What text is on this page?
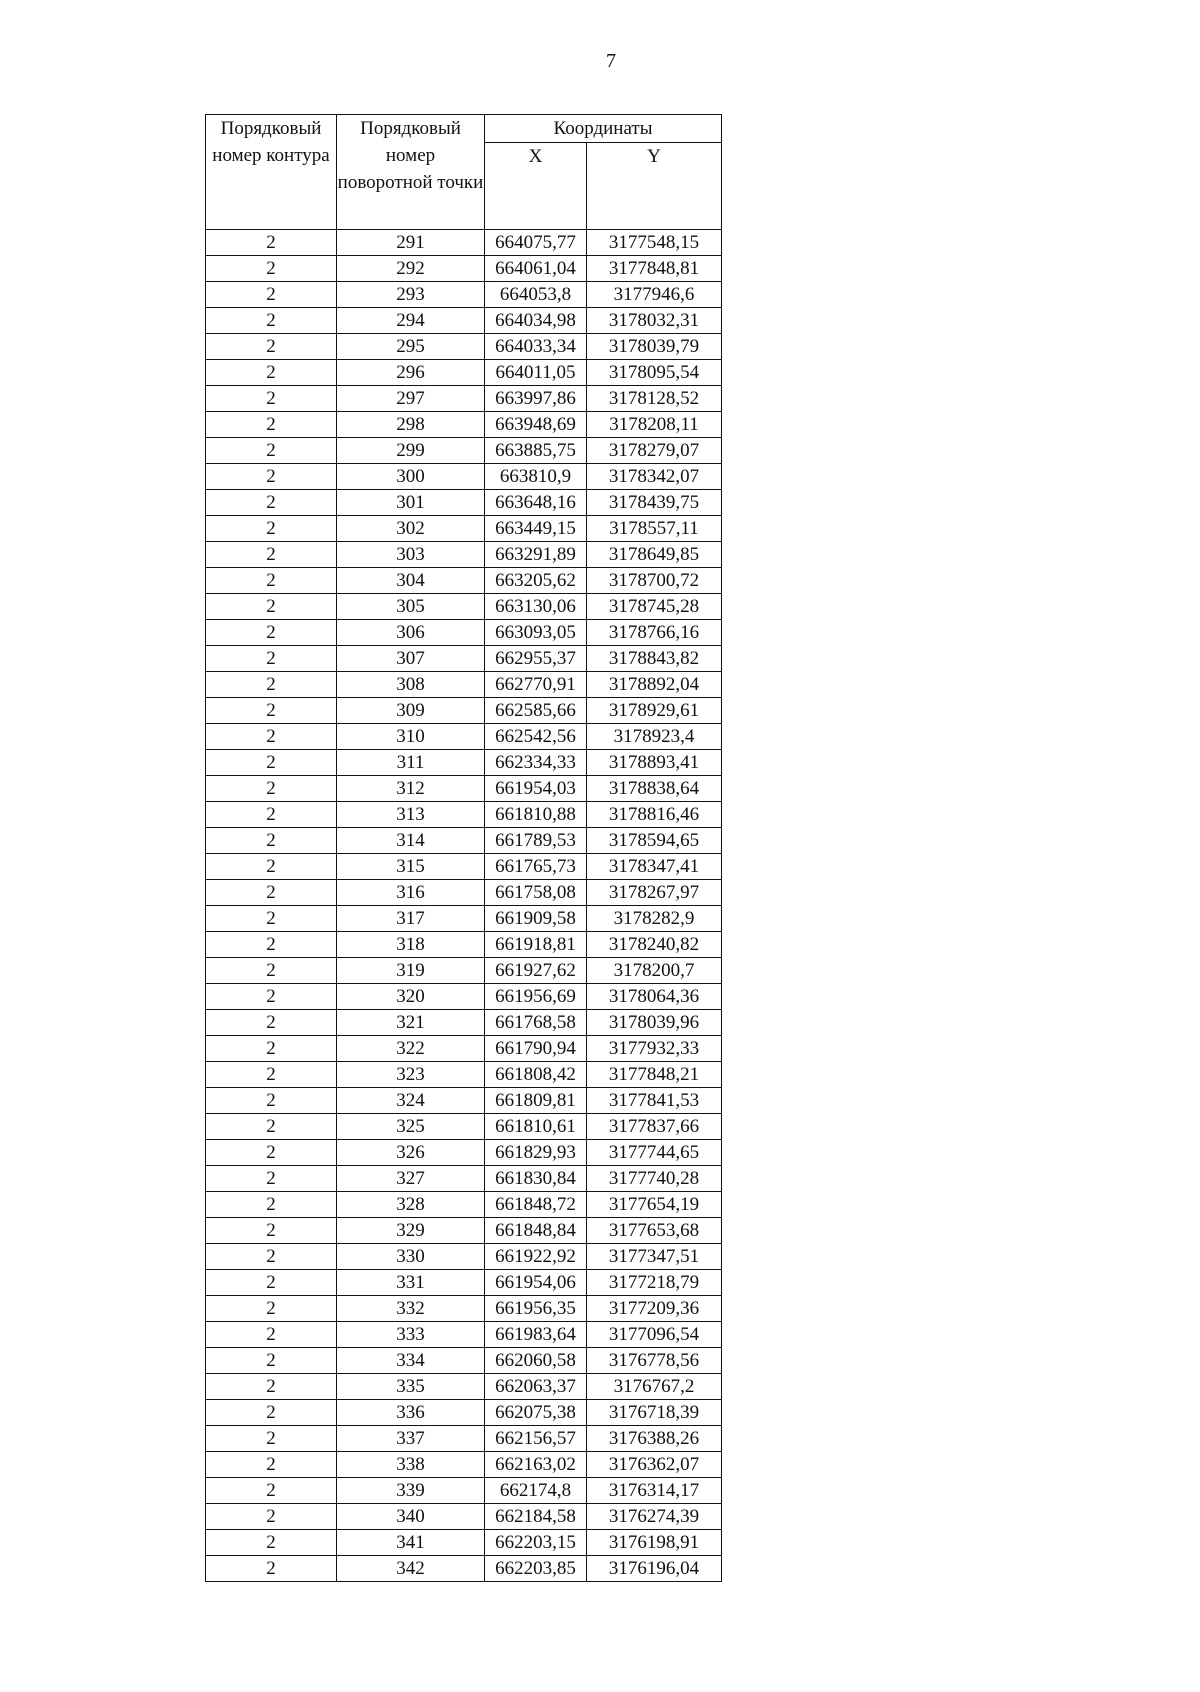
7
Порядковый номер контура	Порядковый номер поворотной точки	Координаты	
		X	Y
2	291	664075,77	3177548,15
2	292	664061,04	3177848,81
2	293	664053,8	3177946,6
2	294	664034,98	3178032,31
2	295	664033,34	3178039,79
2	296	664011,05	3178095,54
2	297	663997,86	3178128,52
2	298	663948,69	3178208,11
2	299	663885,75	3178279,07
2	300	663810,9	3178342,07
2	301	663648,16	3178439,75
2	302	663449,15	3178557,11
2	303	663291,89	3178649,85
2	304	663205,62	3178700,72
2	305	663130,06	3178745,28
2	306	663093,05	3178766,16
2	307	662955,37	3178843,82
2	308	662770,91	3178892,04
2	309	662585,66	3178929,61
2	310	662542,56	3178923,4
2	311	662334,33	3178893,41
2	312	661954,03	3178838,64
2	313	661810,88	3178816,46
2	314	661789,53	3178594,65
2	315	661765,73	3178347,41
2	316	661758,08	3178267,97
2	317	661909,58	3178282,9
2	318	661918,81	3178240,82
2	319	661927,62	3178200,7
2	320	661956,69	3178064,36
2	321	661768,58	3178039,96
2	322	661790,94	3177932,33
2	323	661808,42	3177848,21
2	324	661809,81	3177841,53
2	325	661810,61	3177837,66
2	326	661829,93	3177744,65
2	327	661830,84	3177740,28
2	328	661848,72	3177654,19
2	329	661848,84	3177653,68
2	330	661922,92	3177347,51
2	331	661954,06	3177218,79
2	332	661956,35	3177209,36
2	333	661983,64	3177096,54
2	334	662060,58	3176778,56
2	335	662063,37	3176767,2
2	336	662075,38	3176718,39
2	337	662156,57	3176388,26
2	338	662163,02	3176362,07
2	339	662174,8	3176314,17
2	340	662184,58	3176274,39
2	341	662203,15	3176198,91
2	342	662203,85	3176196,04
